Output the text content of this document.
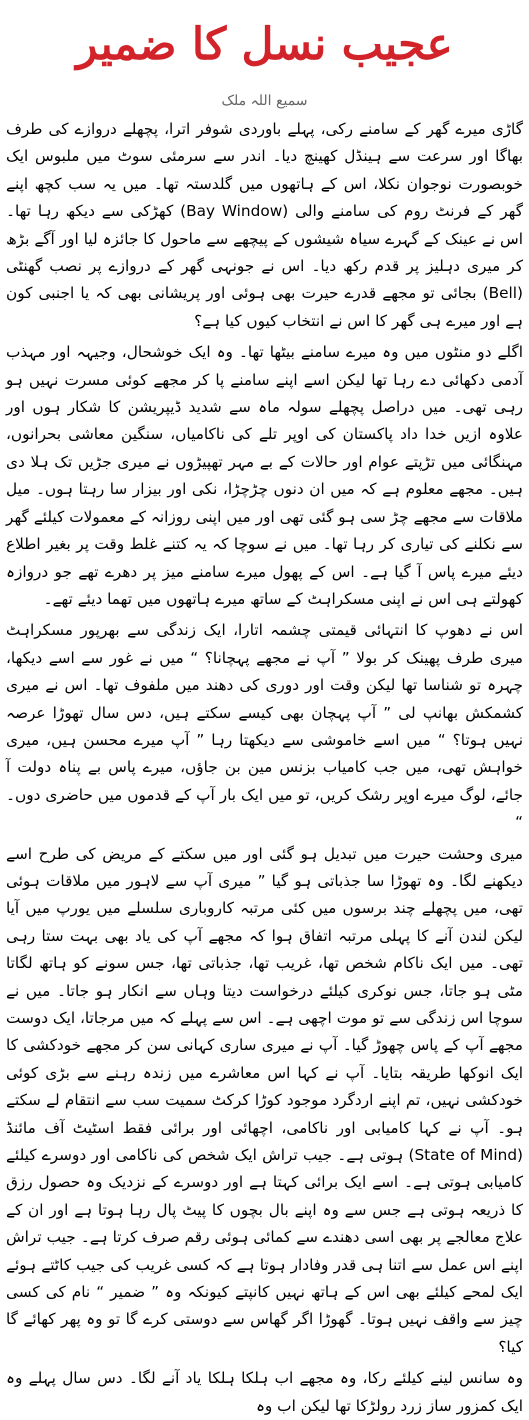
عجیب نسل کا ضمیر
سمیع اللہ ملک

گاڑی میرے گھر کے سامنے رکی، پہلے باوردی شوفر اترا، پچھلے دروازے کی طرف بھاگا اور سرعت سے ہینڈل کھینچ دیا۔ اندر سے سرمئی سوٹ میں ملبوس ایک خوبصورت نوجوان نکلا، اس کے ہاتھوں میں گلدستہ تھا۔ میں یہ سب کچھ اپنے گھر کے فرنٹ روم کی سامنے والی (Bay Window) کھڑکی سے دیکھ رہا تھا۔ اس نے عینک کے گہرے سیاہ شیشوں کے پیچھے سے ماحول کا جائزہ لیا اور آگے بڑھ کر میری دہلیز پر قدم رکھ دیا۔ اس نے جونہی گھر کے دروازے پر نصب گھنٹی (Bell) بجائی تو مجھے قدرے حیرت بھی ہوئی اور پریشانی بھی کہ یا اجنبی کون ہے اور میرے ہی گھر کا اس نے انتخاب کیوں کیا ہے؟

اگلے دو منٹوں میں وہ میرے سامنے بیٹھا تھا۔ وہ ایک خوشحال، وجیہہ اور مہذب آدمی دکھائی دے رہا تھا لیکن اسے اپنے سامنے پا کر مجھے کوئی مسرت نہیں ہو رہی تھی۔ میں دراصل پچھلے سولہ ماہ سے شدید ڈیپریشن کا شکار ہوں اور علاوہ ازیں خدا داد پاکستان کی اوپر تلے کی ناکامیاں، سنگین معاشی بحرانوں، مہنگائی میں تڑپتے عوام اور حالات کے بے مہر تھپیڑوں نے میری جڑیں تک ہلا دی ہیں۔ مجھے معلوم ہے کہ میں ان دنوں چڑچڑا، نکی اور بیزار سا رہتا ہوں۔ میل ملاقات سے مجھے چڑ سی ہو گئی تھی اور میں اپنی روزانہ کے معمولات کیلئے گھر سے نکلنے کی تیاری کر رہا تھا۔ میں نے سوچا کہ یہ کتنے غلط وقت پر بغیر اطلاع دیئے میرے پاس آ گیا ہے۔ اس کے پھول میرے سامنے میز پر دھرے تھے جو دروازہ کھولتے ہی اس نے اپنی مسکراہٹ کے ساتھ میرے ہاتھوں میں تھما دیئے تھے۔

اس نے دھوپ کا انتہائی قیمتی چشمہ اتارا، ایک زندگی سے بھرپور مسکراہٹ میری طرف پھینک کر بولا ” آپ نے مجھے پہچانا؟ “ میں نے غور سے اسے دیکھا، چہرہ تو شناسا تھا لیکن وقت اور دوری کی دھند میں ملفوف تھا۔ اس نے میری کشمکش بھانپ لی ” آپ پہچان بھی کیسے سکتے ہیں، دس سال تھوڑا عرصہ نہیں ہوتا؟ “ میں اسے خاموشی سے دیکھتا رہا ” آپ میرے محسن ہیں، میری خواہش تھی، میں جب کامیاب بزنس مین بن جاؤں، میرے پاس بے پناہ دولت آ جائے، لوگ میرے اوپر رشک کریں، تو میں ایک بار آپ کے قدموں میں حاضری دوں۔ “

میری وحشت حیرت میں تبدیل ہو گئی اور میں سکتے کے مریض کی طرح اسے دیکھنے لگا۔ وہ تھوڑا سا جذباتی ہو گیا ” میری آپ سے لاہور میں ملاقات ہوئی تھی، میں پچھلے چند برسوں میں کئی مرتبہ کاروباری سلسلے میں یورپ میں آیا لیکن لندن آنے کا پہلی مرتبہ اتفاق ہوا کہ مجھے آپ کی یاد بھی بہت ستا رہی تھی۔ میں ایک ناکام شخص تھا، غریب تھا، جذباتی تھا، جس سونے کو ہاتھ لگاتا مٹی ہو جاتا، جس نوکری کیلئے درخواست دیتا وہاں سے انکار ہو جاتا۔ میں نے سوچا اس زندگی سے تو موت اچھی ہے۔ اس سے پہلے کہ میں مرجاتا، ایک دوست مجھے آپ کے پاس چھوڑ گیا۔ آپ نے میری ساری کہانی سن کر مجھے خودکشی کا ایک انوکھا طریقہ بتایا۔ آپ نے کہا اس معاشرے میں زندہ رہنے سے بڑی کوئی خودکشی نہیں، تم اپنے اردگرد موجود کوڑا کرکٹ سمیت سب سے انتقام لے سکتے ہو۔ آپ نے کہا کامیابی اور ناکامی، اچھائی اور برائی فقط اسٹیٹ آف مائنڈ (State of Mind) ہوتی ہے۔ جیب تراش ایک شخص کی ناکامی اور دوسرے کیلئے کامیابی ہوتی ہے۔ اسے ایک برائی کہتا ہے اور دوسرے کے نزدیک وہ حصول رزق کا ذریعہ ہوتی ہے جس سے وہ اپنے بال بچوں کا پیٹ پال رہا ہوتا ہے اور ان کے علاج معالجے پر بھی اسی دھندے سے کمائی ہوئی رقم صرف کرتا ہے۔ جیب تراش اپنے اس عمل سے اتنا ہی قدر وفادار ہوتا ہے کہ کسی غریب کی جیب کاٹتے ہوئے ایک لمحے کیلئے بھی اس کے ہاتھ نہیں کانپتے کیونکہ وہ ” ضمیر “ نام کی کسی چیز سے واقف نہیں ہوتا۔ گھوڑا اگر گھاس سے دوستی کرے گا تو وہ پھر کھائے گا کیا؟

وہ سانس لینے کیلئے رکا، وہ مجھے اب ہلکا ہلکا یاد آنے لگا۔ دس سال پہلے وہ ایک کمزور ساز زرد رولڑکا تھا لیکن اب وہ
